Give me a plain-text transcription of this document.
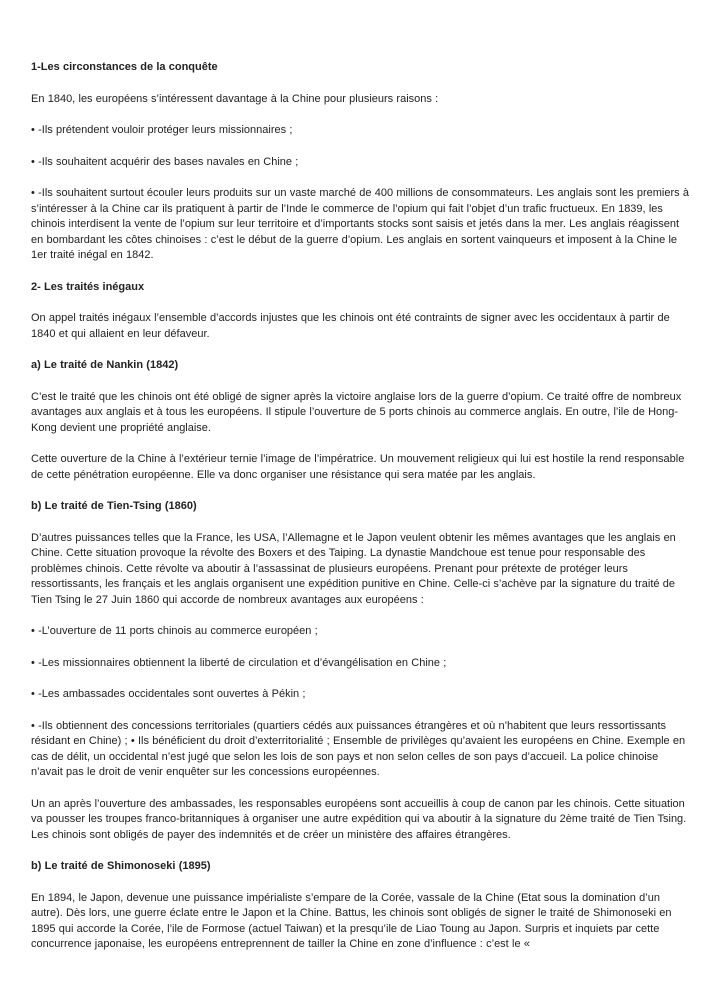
1-Les circonstances de la conquête

En 1840, les européens s’intéressent davantage à la Chine pour plusieurs raisons :

• -Ils prétendent vouloir protéger leurs missionnaires ;

• -Ils souhaitent acquérir des bases navales en Chine ;

• -Ils souhaitent surtout écouler leurs produits sur un vaste marché de 400 millions de consommateurs. Les anglais sont les premiers à s’intéresser à la Chine car ils pratiquent à partir de l’Inde le commerce de l’opium qui fait l’objet d’un trafic fructueux. En 1839, les chinois interdisent la vente de l’opium sur leur territoire et d’importants stocks sont saisis et jetés dans la mer. Les anglais réagissent en bombardant les côtes chinoises : c’est le début de la guerre d’opium. Les anglais en sortent vainqueurs et imposent à la Chine le 1er traité inégal en 1842.

2- Les traités inégaux

On appel traités inégaux l’ensemble d’accords injustes que les chinois ont été contraints de signer avec les occidentaux à partir de 1840 et qui allaient en leur défaveur.

a) Le traité de Nankin (1842)

C’est le traité que les chinois ont été obligé de signer après la victoire anglaise lors de la guerre d’opium. Ce traité offre de nombreux avantages aux anglais et à tous les européens. Il stipule l’ouverture de 5 ports chinois au commerce anglais. En outre, l’ile de Hong-Kong devient une propriété anglaise.

Cette ouverture de la Chine à l’extérieur ternie l’image de l’impératrice. Un mouvement religieux qui lui est hostile la rend responsable de cette pénétration européenne. Elle va donc organiser une résistance qui sera matée par les anglais.

b) Le traité de Tien-Tsing (1860)

D’autres puissances telles que la France, les USA, l’Allemagne et le Japon veulent obtenir les mêmes avantages que les anglais en Chine. Cette situation provoque la révolte des Boxers et des Taiping. La dynastie Mandchoue est tenue pour responsable des problèmes chinois. Cette révolte va aboutir à l’assassinat de plusieurs européens. Prenant pour prétexte de protéger leurs ressortissants, les français et les anglais organisent une expédition punitive en Chine. Celle-ci s’achève par la signature du traité de Tien Tsing le 27 Juin 1860 qui accorde de nombreux avantages aux européens :

• -L’ouverture de 11 ports chinois au commerce européen ;

• -Les missionnaires obtiennent la liberté de circulation et d’évangélisation en Chine ;

• -Les ambassades occidentales sont ouvertes à Pékin ;

• -Ils obtiennent des concessions territoriales (quartiers cédés aux puissances étrangères et où n’habitent que leurs ressortissants résidant en Chine) ; • Ils bénéficient du droit d’exterritorialité ; Ensemble de privilèges qu’avaient les européens en Chine. Exemple en cas de délit, un occidental n’est jugé que selon les lois de son pays et non selon celles de son pays d’accueil. La police chinoise n’avait pas le droit de venir enquêter sur les concessions européennes.

Un an après l’ouverture des ambassades, les responsables européens sont accueillis à coup de canon par les chinois. Cette situation va pousser les troupes franco-britanniques à organiser une autre expédition qui va aboutir à la signature du 2ème traité de Tien Tsing. Les chinois sont obligés de payer des indemnités et de créer un ministère des affaires étrangères.

b) Le traité de Shimonoseki (1895)

En 1894, le Japon, devenue une puissance impérialiste s’empare de la Corée, vassale de la Chine (Etat sous la domination d’un autre). Dès lors, une guerre éclate entre le Japon et la Chine. Battus, les chinois sont obligés de signer le traité de Shimonoseki en 1895 qui accorde la Corée, l’ile de Formose (actuel Taiwan) et la presqu’ile de Liao Toung au Japon. Surpris et inquiets par cette concurrence japonaise, les européens entreprennent de tailler la Chine en zone d’influence : c’est le «
